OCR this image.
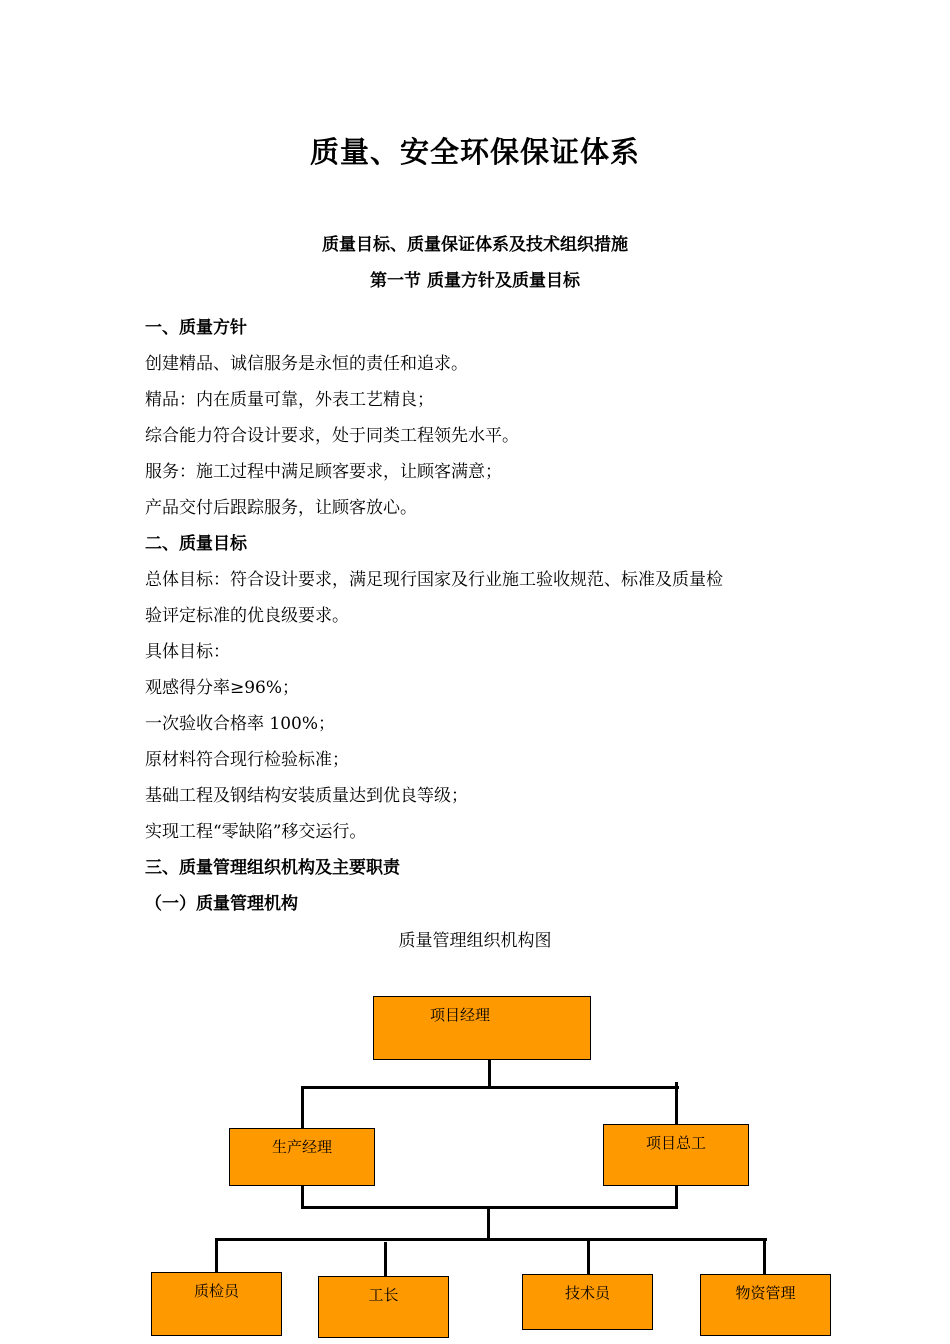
质量、安全环保保证体系
质量目标、质量保证体系及技术组织措施
第一节 质量方针及质量目标

一、质量方针

创建精品、诚信服务是永恒的责任和追求。

精品：内在质量可靠，外表工艺精良；

综合能力符合设计要求，处于同类工程领先水平。

服务：施工过程中满足顾客要求，让顾客满意；

产品交付后跟踪服务，让顾客放心。

二、质量目标

总体目标：符合设计要求，满足现行国家及行业施工验收规范、标准及质量检

验评定标准的优良级要求。

具体目标：

观感得分率≥96%；

一次验收合格率 100%；

原材料符合现行检验标准；

基础工程及钢结构安装质量达到优良等级；

实现工程“零缺陷”移交运行。

三、质量管理组织机构及主要职责

（一）质量管理机构

质量管理组织机构图
项目经理
生产经理	项目总工
质检员	工长	技术员	物资管理
